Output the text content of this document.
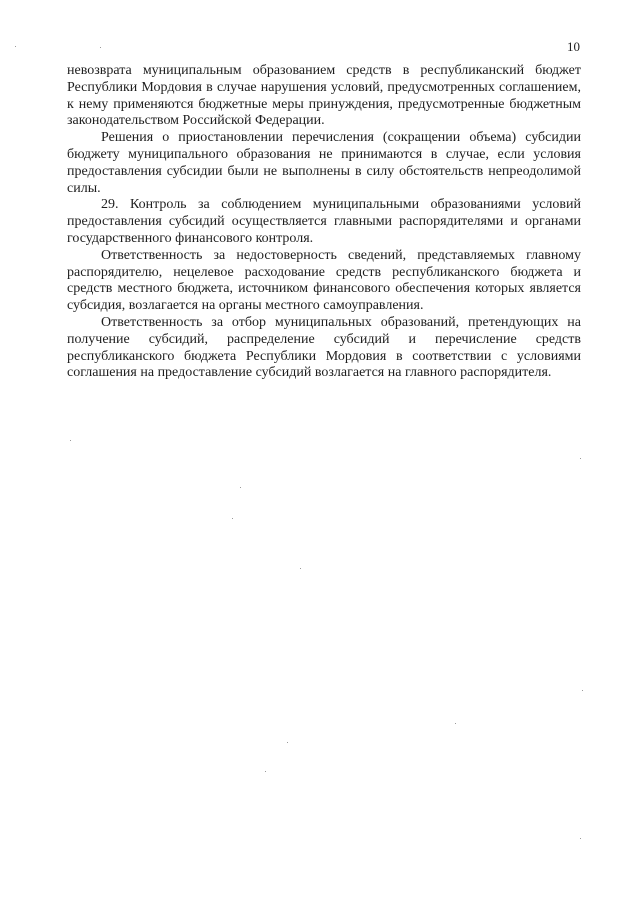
10

невозврата муниципальным образованием средств в республиканский бюджет Республики Мордовия в случае нарушения условий, предусмотренных соглашением, к нему применяются бюджетные меры принуждения, предусмотренные бюджетным законодательством Российской Федерации.

Решения о приостановлении перечисления (сокращении объема) субсидии бюджету муниципального образования не принимаются в случае, если условия предоставления субсидии были не выполнены в силу обстоятельств непреодолимой силы.

29. Контроль за соблюдением муниципальными образованиями условий предоставления субсидий осуществляется главными распорядителями и органами государственного финансового контроля.

Ответственность за недостоверность сведений, представляемых главному распорядителю, нецелевое расходование средств республиканского бюджета и средств местного бюджета, источником финансового обеспечения которых является субсидия, возлагается на органы местного самоуправления.

Ответственность за отбор муниципальных образований, претендующих на получение субсидий, распределение субсидий и перечисление средств республиканского бюджета Республики Мордовия в соответствии с условиями соглашения на предоставление субсидий возлагается на главного распорядителя.
